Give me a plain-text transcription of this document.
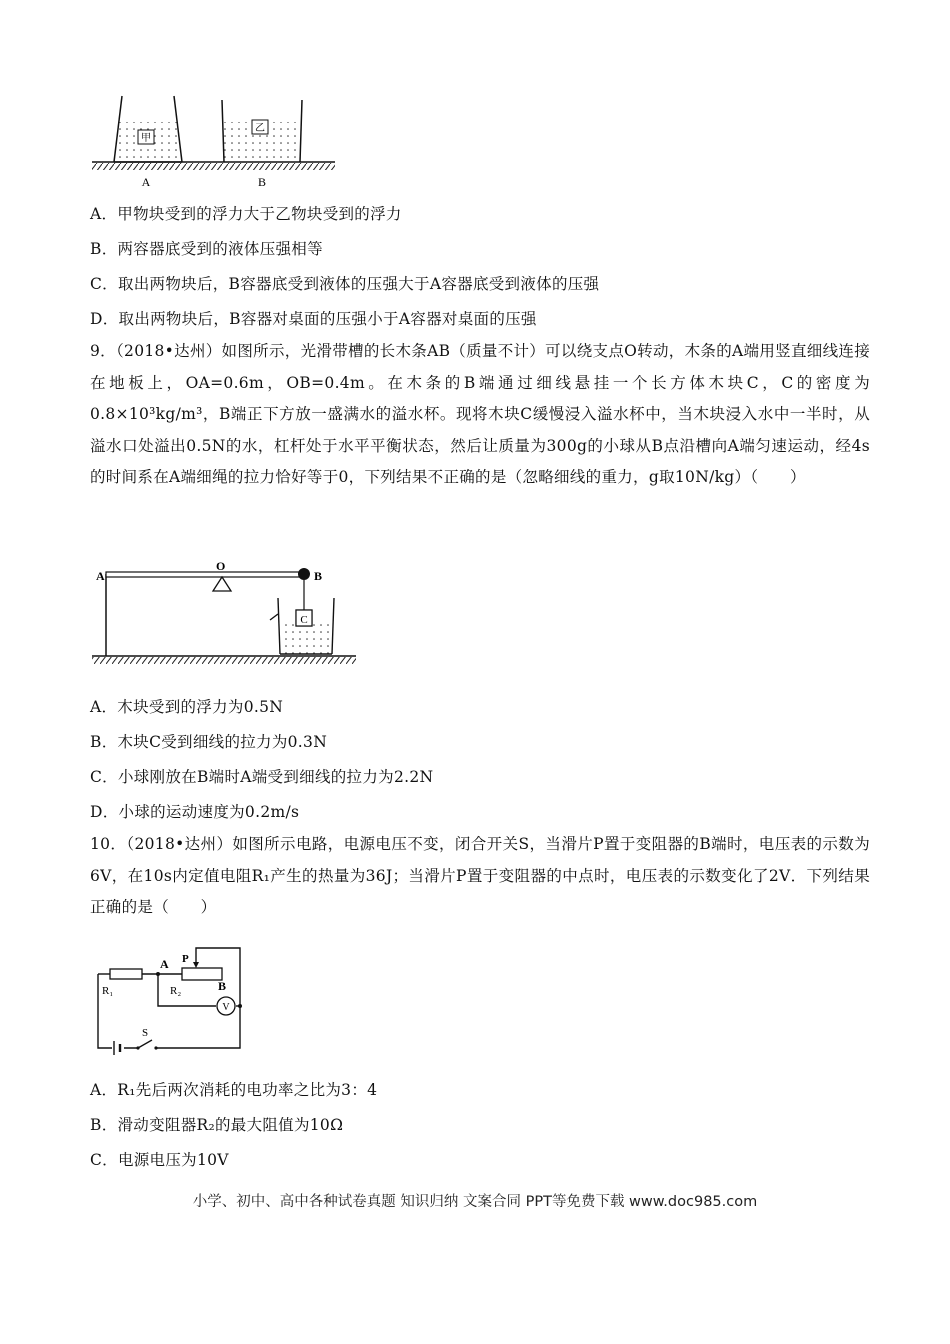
甲
乙
A	B
A．甲物块受到的浮力大于乙物块受到的浮力
B．两容器底受到的液体压强相等
C．取出两物块后，B容器底受到液体的压强大于A容器底受到液体的压强
D．取出两物块后，B容器对桌面的压强小于A容器对桌面的压强
9．（2018•达州）如图所示，光滑带槽的长木条AB（质量不计）可以绕支点O转动，木条的A端用竖直细线连接在地板上，OA=0.6m，OB=0.4m。在木条的B端通过细线悬挂一个长方体木块C，C的密度为0.8×10³kg/m³，B端正下方放一盛满水的溢水杯。现将木块C缓慢浸入溢水杯中，当木块浸入水中一半时，从溢水口处溢出0.5N的水，杠杆处于水平平衡状态，然后让质量为300g的小球从B点沿槽向A端匀速运动，经4s的时间系在A端细绳的拉力恰好等于0，下列结果不正确的是（忽略细线的重力，g取10N/kg）（　　）
A
O
B
C
A．木块受到的浮力为0.5N
B．木块C受到细线的拉力为0.3N
C．小球刚放在B端时A端受到细线的拉力为2.2N
D．小球的运动速度为0.2m/s
10．（2018•达州）如图所示电路，电源电压不变，闭合开关S，当滑片P置于变阻器的B端时，电压表的示数为6V，在10s内定值电阻R₁产生的热量为36J；当滑片P置于变阻器的中点时，电压表的示数变化了2V．下列结果正确的是（　　）
R₁
A P
B
R₂
V
S
A．R₁先后两次消耗的电功率之比为3：4
B．滑动变阻器R₂的最大阻值为10Ω
C．电源电压为10V
小学、初中、高中各种试卷真题 知识归纳 文案合同 PPT等免费下载 www.doc985.com
